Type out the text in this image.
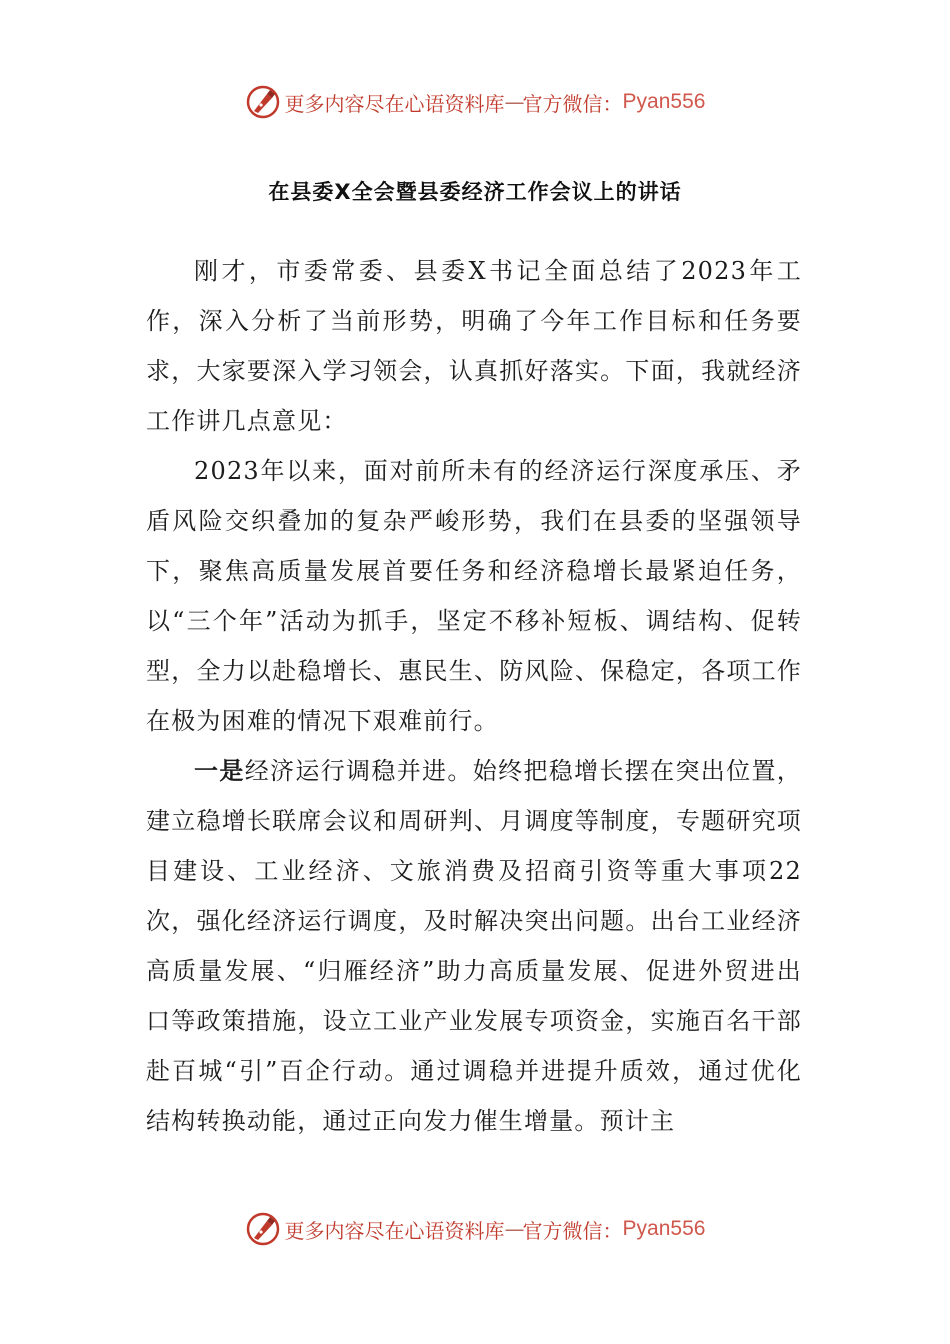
更多内容尽在心语资料库 — 官方微信： Pyan556
在县委X全会暨县委经济工作会议上的讲话

刚才，市委常委、县委X书记全面总结了2023年工作，深入分析了当前形势，明确了今年工作目标和任务要求，大家要深入学习领会，认真抓好落实。下面，我就经济工作讲几点意见：

2023年以来，面对前所未有的经济运行深度承压、矛盾风险交织叠加的复杂严峻形势，我们在县委的坚强领导下，聚焦高质量发展首要任务和经济稳增长最紧迫任务，以“三个年”活动为抓手，坚定不移补短板、调结构、促转型，全力以赴稳增长、惠民生、防风险、保稳定，各项工作在极为困难的情况下艰难前行。

一是经济运行调稳并进。始终把稳增长摆在突出位置，建立稳增长联席会议和周研判、月调度等制度，专题研究项目建设、工业经济、文旅消费及招商引资等重大事项22次，强化经济运行调度，及时解决突出问题。出台工业经济高质量发展、“归雁经济”助力高质量发展、促进外贸进出口等政策措施，设立工业产业发展专项资金，实施百名干部赴百城“引”百企行动。通过调稳并进提升质效，通过优化结构转换动能，通过正向发力催生增量。预计主

更多内容尽在心语资料库 — 官方微信： Pyan556
